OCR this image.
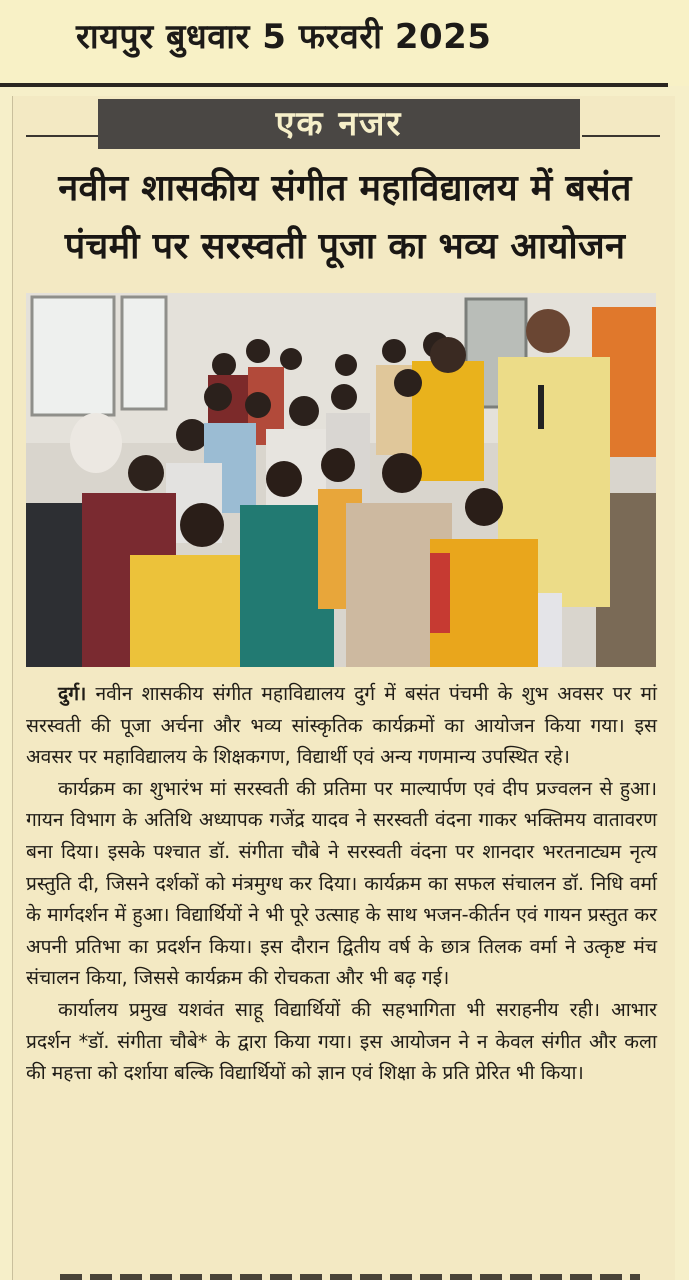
रायपुर बुधवार 5 फरवरी 2025
एक नजर
नवीन शासकीय संगीत महाविद्यालय में बसंत
पंचमी पर सरस्वती पूजा का भव्य आयोजन

दुर्ग। नवीन शासकीय संगीत महाविद्यालय दुर्ग में बसंत पंचमी के शुभ अवसर पर मां सरस्वती की पूजा अर्चना और भव्य सांस्कृतिक कार्यक्रमों का आयोजन किया गया। इस अवसर पर महाविद्यालय के शिक्षकगण, विद्यार्थी एवं अन्य गणमान्य उपस्थित रहे।

कार्यक्रम का शुभारंभ मां सरस्वती की प्रतिमा पर माल्यार्पण एवं दीप प्रज्वलन से हुआ। गायन विभाग के अतिथि अध्यापक गजेंद्र यादव ने सरस्वती वंदना गाकर भक्तिमय वातावरण बना दिया। इसके पश्चात डॉ. संगीता चौबे ने सरस्वती वंदना पर शानदार भरतनाट्यम नृत्य प्रस्तुति दी, जिसने दर्शकों को मंत्रमुग्ध कर दिया। कार्यक्रम का सफल संचालन डॉ. निधि वर्मा के मार्गदर्शन में हुआ। विद्यार्थियों ने भी पूरे उत्साह के साथ भजन-कीर्तन एवं गायन प्रस्तुत कर अपनी प्रतिभा का प्रदर्शन किया। इस दौरान द्वितीय वर्ष के छात्र तिलक वर्मा ने उत्कृष्ट मंच संचालन किया, जिससे कार्यक्रम की रोचकता और भी बढ़ गई।

कार्यालय प्रमुख यशवंत साहू विद्यार्थियों की सहभागिता भी सराहनीय रही। आभार प्रदर्शन *डॉ. संगीता चौबे* के द्वारा किया गया। इस आयोजन ने न केवल संगीत और कला की महत्ता को दर्शाया बल्कि विद्यार्थियों को ज्ञान एवं शिक्षा के प्रति प्रेरित भी किया।
